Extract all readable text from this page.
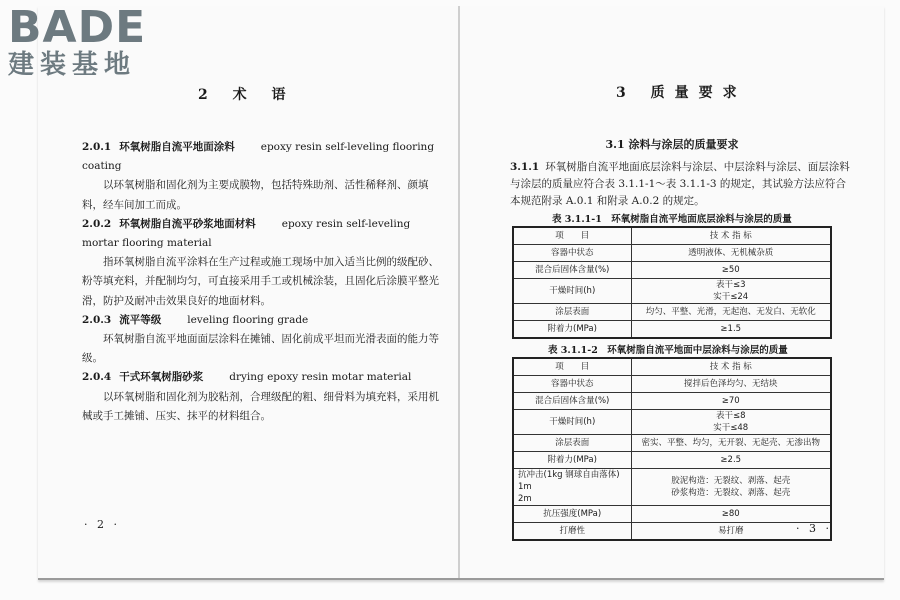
BADE
建装基地
2 术 语
2.0.1 环氧树脂自流平地面涂料 epoxy resin self-leveling flooring coating
以环氧树脂和固化剂为主要成膜物，包括特殊助剂、活性稀释剂、颜填料，经车间加工而成。
2.0.2 环氧树脂自流平砂浆地面材料 epoxy resin self-leveling mortar flooring material
指环氧树脂自流平涂料在生产过程或施工现场中加入适当比例的级配砂、粉等填充料，并配制均匀，可直接采用手工或机械涂装，且固化后涂膜平整光滑，防护及耐冲击效果良好的地面材料。
2.0.3 流平等级 leveling flooring grade
环氧树脂自流平地面面层涂料在摊铺、固化前成平坦而光滑表面的能力等级。
2.0.4 干式环氧树脂砂浆 drying epoxy resin motar material
以环氧树脂和固化剂为胶粘剂，合理级配的粗、细骨料为填充料，采用机械或手工摊铺、压实、抹平的材料组合。
· 2 ·
3 质量要求
3.1 涂料与涂层的质量要求
3.1.1 环氧树脂自流平地面底层涂料与涂层、中层涂料与涂层、面层涂料与涂层的质量应符合表 3.1.1-1～表 3.1.1-3 的规定，其试验方法应符合本规范附录 A.0.1 和附录 A.0.2 的规定。
表 3.1.1-1　环氧树脂自流平地面底层涂料与涂层的质量
项　　目	技 术 指 标
容器中状态	透明液体、无机械杂质
混合后固体含量(%)	≥50
干燥时间(h)	表干≤3
实干≤24
涂层表面	均匀、平整、光滑，无起泡、无发白、无软化
附着力(MPa)	≥1.5
表 3.1.1-2　环氧树脂自流平地面中层涂料与涂层的质量
项　　目	技 术 指 标
容器中状态	搅拌后色泽均匀、无结块
混合后固体含量(%)	≥70
干燥时间(h)	表干≤8
实干≤48
涂层表面	密实、平整、均匀，无开裂、无起壳、无渗出物
附着力(MPa)	≥2.5
抗冲击(1kg 钢球自由落体)　1m
2m	胶泥构造：无裂纹、剥落、起壳
砂浆构造：无裂纹、剥落、起壳
抗压强度(MPa)	≥80
打磨性	易打磨	· 3 ·
